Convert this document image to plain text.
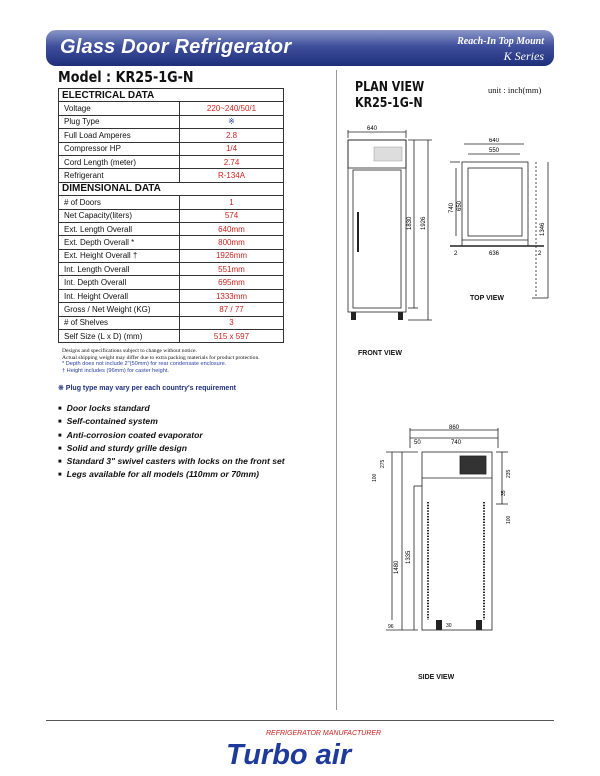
Glass Door Refrigerator	Reach-In Top Mount
K Series
Model : KR25-1G-N
ELECTRICAL DATA	
Voltage	220~240/50/1
Plug Type	※
Full Load Amperes	2.8
Compressor HP	1/4
Cord Length (meter)	2.74
Refrigerant	R-134A
DIMENSIONAL DATA	
# of Doors	1
Net Capacity(liters)	574
Ext. Length Overall	640mm
Ext. Depth Overall *	800mm
Ext. Height Overall †	1926mm
Int. Length Overall	551mm
Int. Depth Overall	695mm
Int. Height Overall	1333mm
Gross / Net Weight (KG)	87 / 77
# of Shelves	3
Self Size (L x D) (mm)	515 x 597
Designs and specifications subject to change without notice.
Actual shipping weight may differ due to extra packing materials for product protection.
* Depth does not include 2"(50mm) for rear condensate enclosure.
† Height includes (96mm) for caster height.
※ Plug type may vary per each country's requirement
■ Door locks standard
■ Self-contained system
■ Anti-corrosion coated evaporator
■ Solid and sturdy grille design
■ Standard 3" swivel casters with locks on the front set
■ Legs available for all models (110mm or 70mm)
PLAN VIEW
KR25-1G-N
unit : inch(mm)
640
1830 1926
FRONT VIEW
640
550
740 650
1346
2	636	2
TOP VIEW
860
50	740
275
100
1480
1335
96
235
35
100
30
SIDE VIEW
REFRIGERATOR MANUFACTURER
Turbo air
